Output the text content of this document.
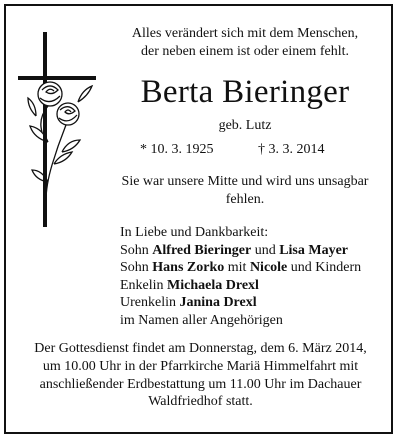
Alles verändert sich mit dem Menschen,
der neben einem ist oder einem fehlt.
Berta Bieringer
geb. Lutz
* 10. 3. 1925	† 3. 3. 2014
Sie war unsere Mitte und wird uns unsagbar
fehlen.
In Liebe und Dankbarkeit:
Sohn Alfred Bieringer und Lisa Mayer
Sohn Hans Zorko mit Nicole und Kindern
Enkelin Michaela Drexl
Urenkelin Janina Drexl
im Namen aller Angehörigen
Der Gottesdienst findet am Donnerstag, dem 6. März 2014,
um 10.00 Uhr in der Pfarrkirche Mariä Himmelfahrt mit
anschließender Erdbestattung um 11.00 Uhr im Dachauer
Waldfriedhof statt.
